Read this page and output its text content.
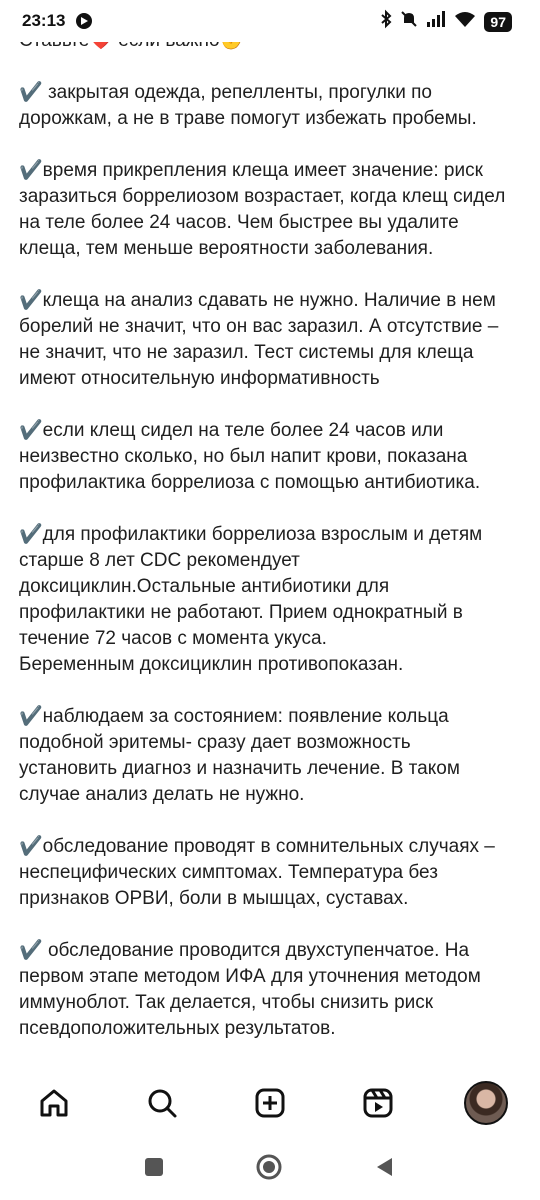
23:13	97

✔️ закрытая одежда, репелленты, прогулки по
дорожкам, а не в траве помогут избежать пробемы.

✔️время прикрепления клеща имеет значение: риск
заразиться боррелиозом возрастает, когда клещ сидел
на теле более 24 часов. Чем быстрее вы удалите
клеща, тем меньше вероятности заболевания.

✔️клеща на анализ сдавать не нужно. Наличие в нем
борелий не значит, что он вас заразил. А отсутствие –
не значит, что не заразил. Тест системы для клеща
имеют относительную информативность

✔️если клещ сидел на теле более 24 часов или
неизвестно сколько, но был напит крови, показана
профилактика боррелиоза с помощью антибиотика.

✔️для профилактики боррелиоза взрослым и детям
старше 8 лет CDC рекомендует
доксициклин.Остальные антибиотики для
профилактики не работают. Прием однократный в
течение 72 часов с момента укуса.
Беременным доксициклин противопоказан.

✔️наблюдаем за состоянием: появление кольца
подобной эритемы- сразу дает возможность
установить диагноз и назначить лечение. В таком
случае анализ делать не нужно.

✔️обследование проводят в сомнительных случаях –
неспецифических симптомах. Температура без
признаков ОРВИ, боли в мышцах, суставах.

✔️ обследование проводится двухступенчатое. На
первом этапе методом ИФА для уточнения методом
иммуноблот. Так делается, чтобы снизить риск
псевдоположительных результатов.
